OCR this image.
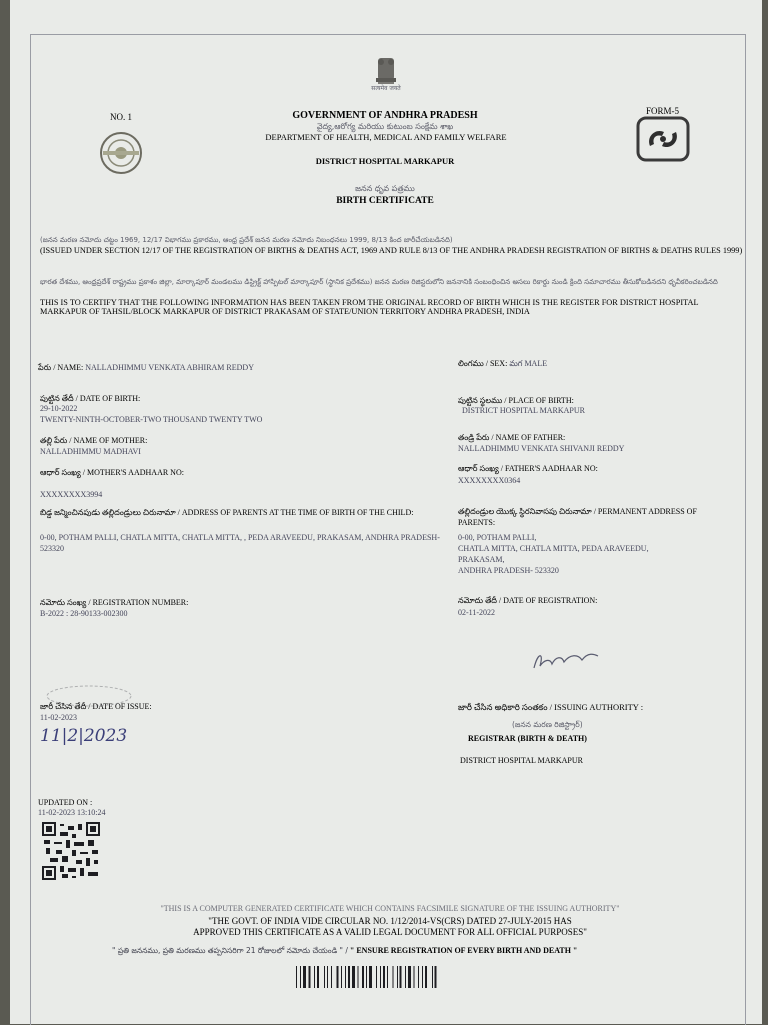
सत्यमेव जयते
NO. 1
FORM-5
GOVERNMENT OF ANDHRA PRADESH
వైద్య,ఆరోగ్య మరియు కుటుంబ సంక్షేమ శాఖ
DEPARTMENT OF HEALTH, MEDICAL AND FAMILY WELFARE
DISTRICT HOSPITAL MARKAPUR
జనన ధృవ పత్రము
BIRTH CERTIFICATE
(జనన మరణ నమోదు చట్టం 1969, 12/17 విభాగము ప్రకారము, ఆంధ్ర ప్రదేశ్ జనన మరణ నమోదు నిబంధనలు 1999, 8/13 కింద జారీచేయబడినది)
(ISSUED UNDER SECTION 12/17 OF THE REGISTRATION OF BIRTHS & DEATHS ACT, 1969 AND RULE 8/13 OF THE ANDHRA PRADESH REGISTRATION OF BIRTHS & DEATHS RULES 1999)
భారత దేశము, ఆంధ్రప్రదేశ్ రాష్ట్రము ప్రకాశం జిల్లా, మార్కాపూర్ మండలము డిస్ట్రిక్ట్ హాస్పిటల్ మార్కాపూర్ (స్థానిక ప్రదేశము) జనన మరణ రిజిస్టరులోని జననానికి సంబంధించిన అసలు రికార్డు నుండి క్రింది సమాచారము తీసుకోబడినదని ధృవీకరించబడినది
THIS IS TO CERTIFY THAT THE FOLLOWING INFORMATION HAS BEEN TAKEN FROM THE ORIGINAL RECORD OF BIRTH WHICH IS THE REGISTER FOR DISTRICT HOSPITAL MARKAPUR OF TAHSIL/BLOCK MARKAPUR OF DISTRICT PRAKASAM OF STATE/UNION TERRITORY ANDHRA PRADESH, INDIA
పేరు / NAME: NALLADHIMMU VENKATA ABHIRAM REDDY	లింగము / SEX: మగ MALE
పుట్టిన తేదీ / DATE OF BIRTH:
29-10-2022
TWENTY-NINTH-OCTOBER-TWO THOUSAND TWENTY TWO
పుట్టిన స్థలము / PLACE OF BIRTH:
DISTRICT HOSPITAL MARKAPUR
తల్లి పేరు / NAME OF MOTHER:
NALLADHIMMU MADHAVI
తండ్రి పేరు / NAME OF FATHER:
NALLADHIMMU VENKATA SHIVANJI REDDY
ఆధార్ సంఖ్య / MOTHER'S AADHAAR NO:
XXXXXXXX3994
ఆధార్ సంఖ్య / FATHER'S AADHAAR NO:
XXXXXXXX0364
బిడ్డ జన్మించినపుడు తల్లిదండ్రులు చిరునామా / ADDRESS OF PARENTS AT THE TIME OF BIRTH OF THE CHILD:
0-00, POTHAM PALLI, CHATLA MITTA, CHATLA MITTA, , PEDA ARAVEEDU, PRAKASAM, ANDHRA PRADESH- 523320
తల్లిదండ్రుల యొక్క స్థిరనివాసపు చిరునామా / PERMANENT ADDRESS OF PARENTS:
0-00, POTHAM PALLI,
CHATLA MITTA, CHATLA MITTA, PEDA ARAVEEDU,
PRAKASAM,
ANDHRA PRADESH- 523320
నమోదు సంఖ్య / REGISTRATION NUMBER:
B-2022 : 28-90133-002300
నమోదు తేదీ / DATE OF REGISTRATION:
02-11-2022
జారీ చేసిన తేదీ / DATE OF ISSUE:
11-02-2023
11|2|2023
జారీ చేసిన అధికారి సంతకం / ISSUING AUTHORITY :
(జనన మరణ రిజిస్ట్రార్)
REGISTRAR (BIRTH & DEATH)
DISTRICT HOSPITAL MARKAPUR
UPDATED ON :
11-02-2023 13:10:24
"THIS IS A COMPUTER GENERATED CERTIFICATE WHICH CONTAINS FACSIMILE SIGNATURE OF THE ISSUING AUTHORITY"
"THE GOVT. OF INDIA VIDE CIRCULAR NO. 1/12/2014-VS(CRS) DATED 27-JULY-2015 HAS
APPROVED THIS CERTIFICATE AS A VALID LEGAL DOCUMENT FOR ALL OFFICIAL PURPOSES"
" ప్రతి జననము, ప్రతి మరణము తప్పనిసరిగా 21 రోజులలో నమోదు చేయండి " / " ENSURE REGISTRATION OF EVERY BIRTH AND DEATH "
